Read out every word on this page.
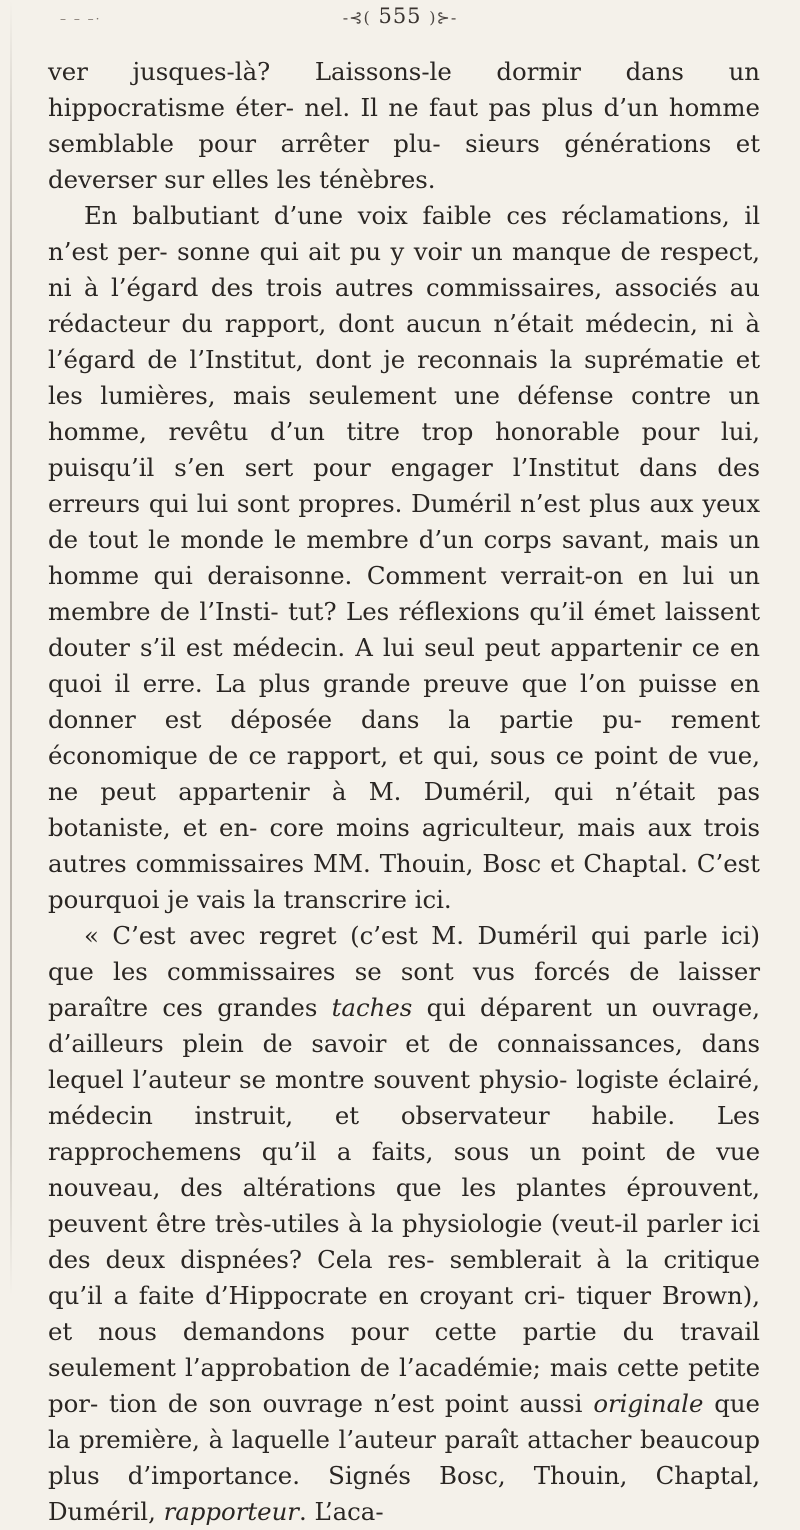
– – –·	-⊰( 555 )⊱-

ver jusques-là? Laissons-le dormir dans un hippocratisme éter- nel. Il ne faut pas plus d’un homme semblable pour arrêter plu- sieurs générations et deverser sur elles les ténèbres.

En balbutiant d’une voix faible ces réclamations, il n’est per- sonne qui ait pu y voir un manque de respect, ni à l’égard des trois autres commissaires, associés au rédacteur du rapport, dont aucun n’était médecin, ni à l’égard de l’Institut, dont je reconnais la suprématie et les lumières, mais seulement une défense contre un homme, revêtu d’un titre trop honorable pour lui, puisqu’il s’en sert pour engager l’Institut dans des erreurs qui lui sont propres. Duméril n’est plus aux yeux de tout le monde le membre d’un corps savant, mais un homme qui deraisonne. Comment verrait-on en lui un membre de l’Insti- tut? Les réflexions qu’il émet laissent douter s’il est médecin. A lui seul peut appartenir ce en quoi il erre. La plus grande preuve que l’on puisse en donner est déposée dans la partie pu- rement économique de ce rapport, et qui, sous ce point de vue, ne peut appartenir à M. Duméril, qui n’était pas botaniste, et en- core moins agriculteur, mais aux trois autres commissaires MM. Thouin, Bosc et Chaptal. C’est pourquoi je vais la transcrire ici.

« C’est avec regret (c’est M. Duméril qui parle ici) que les commissaires se sont vus forcés de laisser paraître ces grandes taches qui déparent un ouvrage, d’ailleurs plein de savoir et de connaissances, dans lequel l’auteur se montre souvent physio- logiste éclairé, médecin instruit, et observateur habile. Les rapprochemens qu’il a faits, sous un point de vue nouveau, des altérations que les plantes éprouvent, peuvent être très-utiles à la physiologie (veut-il parler ici des deux dispnées? Cela res- semblerait à la critique qu’il a faite d’Hippocrate en croyant cri- tiquer Brown), et nous demandons pour cette partie du travail seulement l’approbation de l’académie; mais cette petite por- tion de son ouvrage n’est point aussi originale que la première, à laquelle l’auteur paraît attacher beaucoup plus d’importance. Signés Bosc, Thouin, Chaptal, Duméril, rapporteur. L’aca-
